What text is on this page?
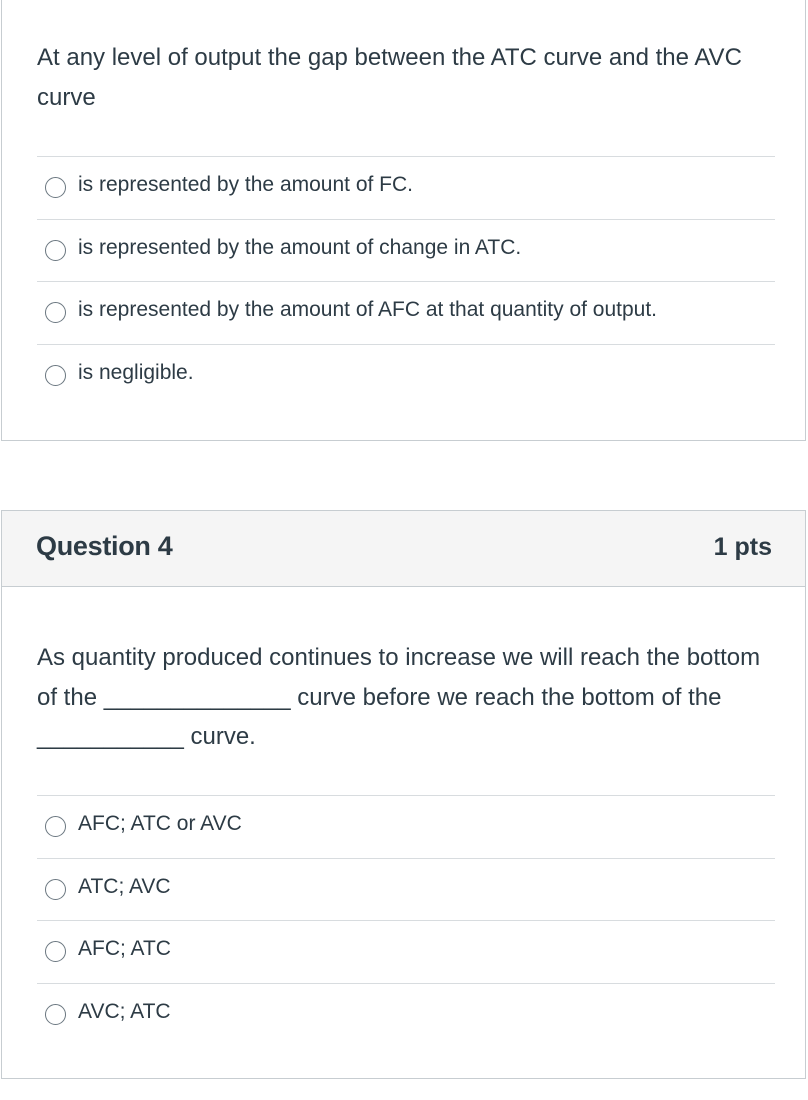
At any level of output the gap between the ATC curve and the AVC curve
is represented by the amount of FC.
is represented by the amount of change in ATC.
is represented by the amount of AFC at that quantity of output.
is negligible.
Question 4	1 pts
As quantity produced continues to increase we will reach the bottom of the ______________ curve before we reach the bottom of the ___________ curve.
AFC; ATC or AVC
ATC; AVC
AFC; ATC
AVC; ATC
